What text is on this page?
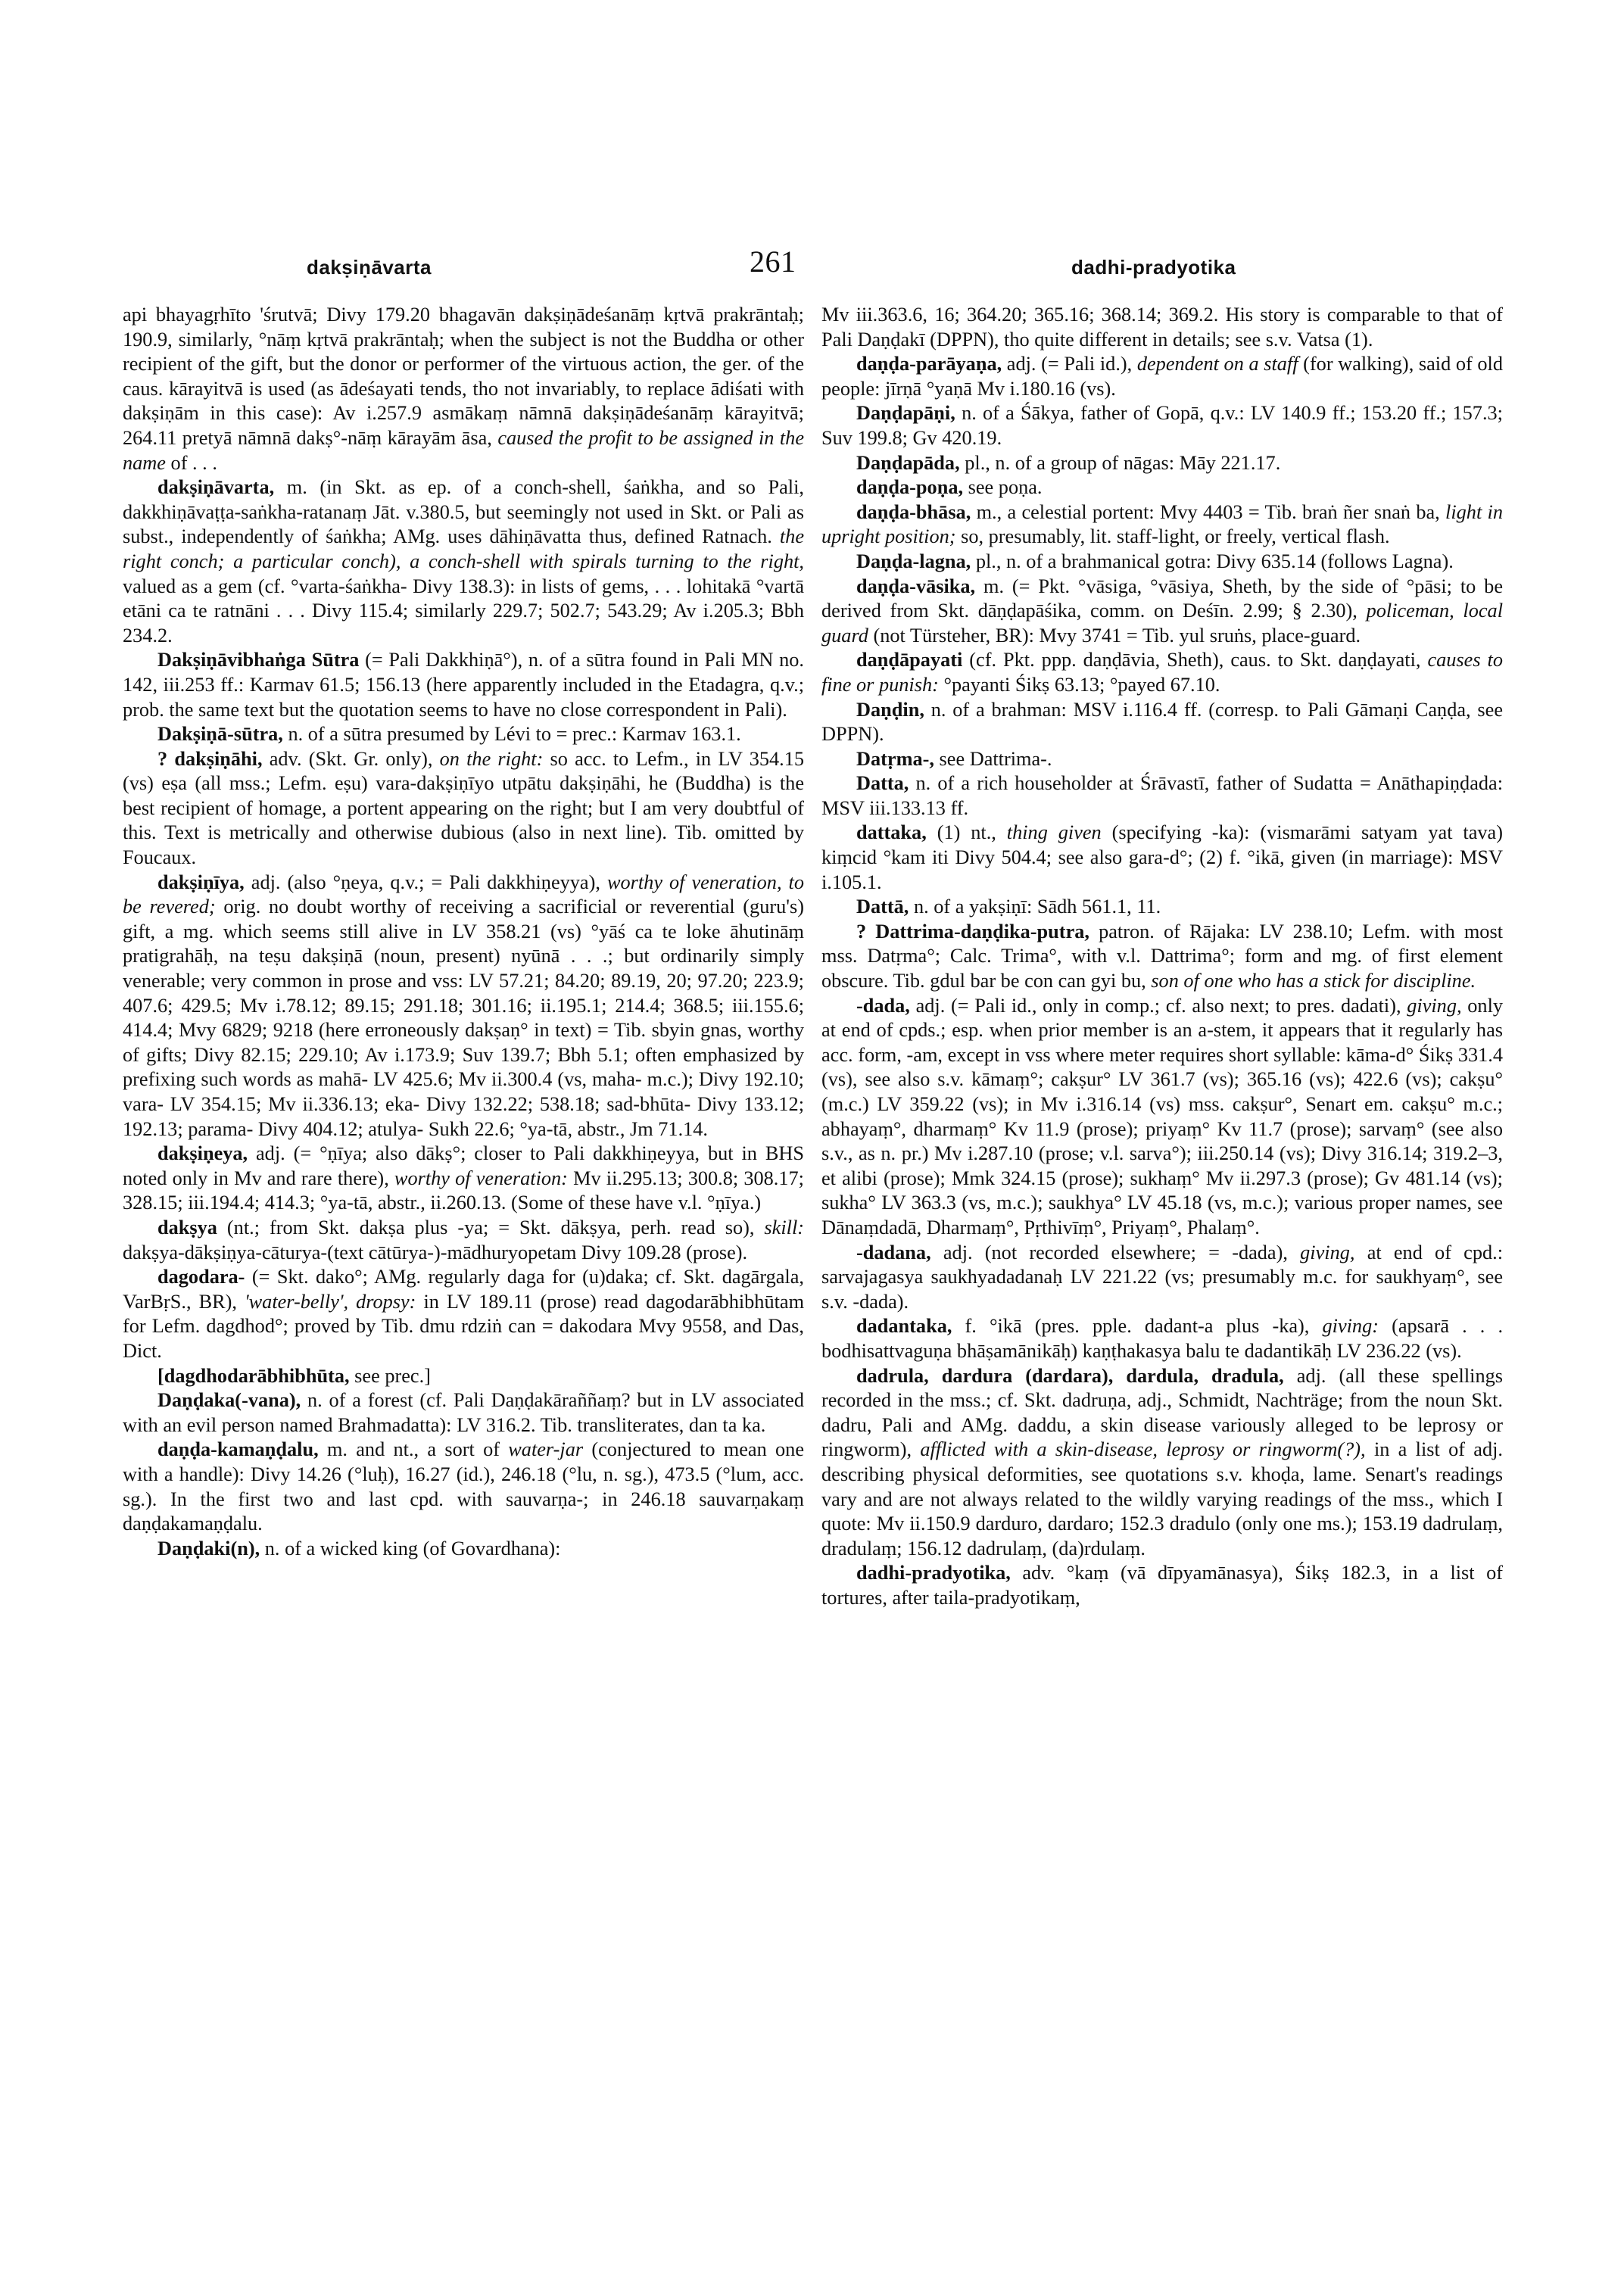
dakṣiṇāvarta	261	dadhi-pradyotika

api bhayagṛhīto 'śrutvā; Divy 179.20 bhagavān dakṣiṇādeśanāṃ kṛtvā prakrāntaḥ; 190.9, similarly, °nāṃ kṛtvā prakrāntaḥ; when the subject is not the Buddha or other recipient of the gift, but the donor or performer of the virtuous action, the ger. of the caus. kārayitvā is used (as ādeśayati tends, tho not invariably, to replace ādiśati with dakṣiṇām in this case): Av i.257.9 asmākaṃ nāmnā dakṣiṇādeśanāṃ kārayitvā; 264.11 pretyā nāmnā dakṣ°-nāṃ kārayām āsa, caused the profit to be assigned in the name of . . .

dakṣiṇāvarta, m. (in Skt. as ep. of a conch-shell, śaṅkha, and so Pali, dakkhiṇāvaṭṭa-saṅkha-ratanaṃ Jāt. v.380.5, but seemingly not used in Skt. or Pali as subst., independently of śaṅkha; AMg. uses dāhiṇāvatta thus, defined Ratnach. the right conch; a particular conch), a conch-shell with spirals turning to the right, valued as a gem (cf. °varta-śaṅkha- Divy 138.3): in lists of gems, . . . lohitakā °vartā etāni ca te ratnāni . . . Divy 115.4; similarly 229.7; 502.7; 543.29; Av i.205.3; Bbh 234.2.

Dakṣiṇāvibhaṅga Sūtra (= Pali Dakkhiṇā°), n. of a sūtra found in Pali MN no. 142, iii.253 ff.: Karmav 61.5; 156.13 (here apparently included in the Etadagra, q.v.; prob. the same text but the quotation seems to have no close correspondent in Pali).

Dakṣiṇā-sūtra, n. of a sūtra presumed by Lévi to = prec.: Karmav 163.1.

? dakṣiṇāhi, adv. (Skt. Gr. only), on the right: so acc. to Lefm., in LV 354.15 (vs) eṣa (all mss.; Lefm. eṣu) vara-dakṣiṇīyo utpātu dakṣiṇāhi, he (Buddha) is the best recipient of homage, a portent appearing on the right; but I am very doubtful of this. Text is metrically and otherwise dubious (also in next line). Tib. omitted by Foucaux.

dakṣiṇīya, adj. (also °ṇeya, q.v.; = Pali dakkhiṇeyya), worthy of veneration, to be revered; orig. no doubt worthy of receiving a sacrificial or reverential (guru's) gift, a mg. which seems still alive in LV 358.21 (vs) °yāś ca te loke āhutināṃ pratigrahāḥ, na teṣu dakṣiṇā (noun, present) nyūnā . . .; but ordinarily simply venerable; very common in prose and vss: LV 57.21; 84.20; 89.19, 20; 97.20; 223.9; 407.6; 429.5; Mv i.78.12; 89.15; 291.18; 301.16; ii.195.1; 214.4; 368.5; iii.155.6; 414.4; Mvy 6829; 9218 (here erroneously dakṣaṇ° in text) = Tib. sbyin gnas, worthy of gifts; Divy 82.15; 229.10; Av i.173.9; Suv 139.7; Bbh 5.1; often emphasized by prefixing such words as mahā- LV 425.6; Mv ii.300.4 (vs, maha- m.c.); Divy 192.10; vara- LV 354.15; Mv ii.336.13; eka- Divy 132.22; 538.18; sad-bhūta- Divy 133.12; 192.13; parama- Divy 404.12; atulya- Sukh 22.6; °ya-tā, abstr., Jm 71.14.

dakṣiṇeya, adj. (= °ṇīya; also dākṣ°; closer to Pali dakkhiṇeyya, but in BHS noted only in Mv and rare there), worthy of veneration: Mv ii.295.13; 300.8; 308.17; 328.15; iii.194.4; 414.3; °ya-tā, abstr., ii.260.13. (Some of these have v.l. °ṇīya.)

dakṣya (nt.; from Skt. dakṣa plus -ya; = Skt. dākṣya, perh. read so), skill: dakṣya-dākṣiṇya-cāturya-(text cātūrya-)-mādhuryopetam Divy 109.28 (prose).

dagodara- (= Skt. dako°; AMg. regularly daga for (u)daka; cf. Skt. dagārgala, VarBṛS., BR), 'water-belly', dropsy: in LV 189.11 (prose) read dagodarābhibhūtam for Lefm. dagdhod°; proved by Tib. dmu rdziṅ can = dakodara Mvy 9558, and Das, Dict.

[dagdhodarābhibhūta, see prec.]

Daṇḍaka(-vana), n. of a forest (cf. Pali Daṇḍakāraññaṃ? but in LV associated with an evil person named Brahmadatta): LV 316.2. Tib. transliterates, dan ta ka.

daṇḍa-kamaṇḍalu, m. and nt., a sort of water-jar (conjectured to mean one with a handle): Divy 14.26 (°luḥ), 16.27 (id.), 246.18 (°lu, n. sg.), 473.5 (°lum, acc. sg.). In the first two and last cpd. with sauvarṇa-; in 246.18 sauvarṇakaṃ daṇḍakamaṇḍalu.

Daṇḍaki(n), n. of a wicked king (of Govardhana):

Mv iii.363.6, 16; 364.20; 365.16; 368.14; 369.2. His story is comparable to that of Pali Daṇḍakī (DPPN), tho quite different in details; see s.v. Vatsa (1).

daṇḍa-parāyaṇa, adj. (= Pali id.), dependent on a staff (for walking), said of old people: jīrṇā °yaṇā Mv i.180.16 (vs).

Daṇḍapāṇi, n. of a Śākya, father of Gopā, q.v.: LV 140.9 ff.; 153.20 ff.; 157.3; Suv 199.8; Gv 420.19.

Daṇḍapāda, pl., n. of a group of nāgas: Māy 221.17.

daṇḍa-poṇa, see poṇa.

daṇḍa-bhāsa, m., a celestial portent: Mvy 4403 = Tib. braṅ ñer snaṅ ba, light in upright position; so, presumably, lit. staff-light, or freely, vertical flash.

Daṇḍa-lagna, pl., n. of a brahmanical gotra: Divy 635.14 (follows Lagna).

daṇḍa-vāsika, m. (= Pkt. °vāsiga, °vāsiya, Sheth, by the side of °pāsi; to be derived from Skt. dāṇḍapāśika, comm. on Deśīn. 2.99; § 2.30), policeman, local guard (not Türsteher, BR): Mvy 3741 = Tib. yul sruṅs, place-guard.

daṇḍāpayati (cf. Pkt. ppp. daṇḍāvia, Sheth), caus. to Skt. daṇḍayati, causes to fine or punish: °payanti Śikṣ 63.13; °payed 67.10.

Daṇḍin, n. of a brahman: MSV i.116.4 ff. (corresp. to Pali Gāmaṇi Caṇḍa, see DPPN).

Datṛma-, see Dattrima-.

Datta, n. of a rich householder at Śrāvastī, father of Sudatta = Anāthapiṇḍada: MSV iii.133.13 ff.

dattaka, (1) nt., thing given (specifying -ka): (vismarāmi satyam yat tava) kiṃcid °kam iti Divy 504.4; see also gara-d°; (2) f. °ikā, given (in marriage): MSV i.105.1.

Dattā, n. of a yakṣiṇī: Sādh 561.1, 11.

? Dattrima-daṇḍika-putra, patron. of Rājaka: LV 238.10; Lefm. with most mss. Datṛma°; Calc. Trima°, with v.l. Dattrima°; form and mg. of first element obscure. Tib. gdul bar be con can gyi bu, son of one who has a stick for discipline.

-dada, adj. (= Pali id., only in comp.; cf. also next; to pres. dadati), giving, only at end of cpds.; esp. when prior member is an a-stem, it appears that it regularly has acc. form, -am, except in vss where meter requires short syllable: kāma-d° Śikṣ 331.4 (vs), see also s.v. kāmaṃ°; cakṣur° LV 361.7 (vs); 365.16 (vs); 422.6 (vs); cakṣu° (m.c.) LV 359.22 (vs); in Mv i.316.14 (vs) mss. cakṣur°, Senart em. cakṣu° m.c.; abhayaṃ°, dharmaṃ° Kv 11.9 (prose); priyaṃ° Kv 11.7 (prose); sarvaṃ° (see also s.v., as n. pr.) Mv i.287.10 (prose; v.l. sarva°); iii.250.14 (vs); Divy 316.14; 319.2–3, et alibi (prose); Mmk 324.15 (prose); sukhaṃ° Mv ii.297.3 (prose); Gv 481.14 (vs); sukha° LV 363.3 (vs, m.c.); saukhya° LV 45.18 (vs, m.c.); various proper names, see Dānaṃdadā, Dharmaṃ°, Pṛthivīṃ°, Priyaṃ°, Phalaṃ°.

-dadana, adj. (not recorded elsewhere; = -dada), giving, at end of cpd.: sarvajagasya saukhyadadanaḥ LV 221.22 (vs; presumably m.c. for saukhyaṃ°, see s.v. -dada).

dadantaka, f. °ikā (pres. pple. dadant-a plus -ka), giving: (apsarā . . . bodhisattvaguṇa bhāṣamānikāḥ) kaṇṭhakasya balu te dadantikāḥ LV 236.22 (vs).

dadrula, dardura (dardara), dardula, dradula, adj. (all these spellings recorded in the mss.; cf. Skt. dadruṇa, adj., Schmidt, Nachträge; from the noun Skt. dadru, Pali and AMg. daddu, a skin disease variously alleged to be leprosy or ringworm), afflicted with a skin-disease, leprosy or ringworm(?), in a list of adj. describing physical deformities, see quotations s.v. khoḍa, lame. Senart's readings vary and are not always related to the wildly varying readings of the mss., which I quote: Mv ii.150.9 darduro, dardaro; 152.3 dradulo (only one ms.); 153.19 dadrulaṃ, dradulaṃ; 156.12 dadrulaṃ, (da)rdulaṃ.

dadhi-pradyotika, adv. °kaṃ (vā dīpyamānasya), Śikṣ 182.3, in a list of tortures, after taila-pradyotikaṃ,
